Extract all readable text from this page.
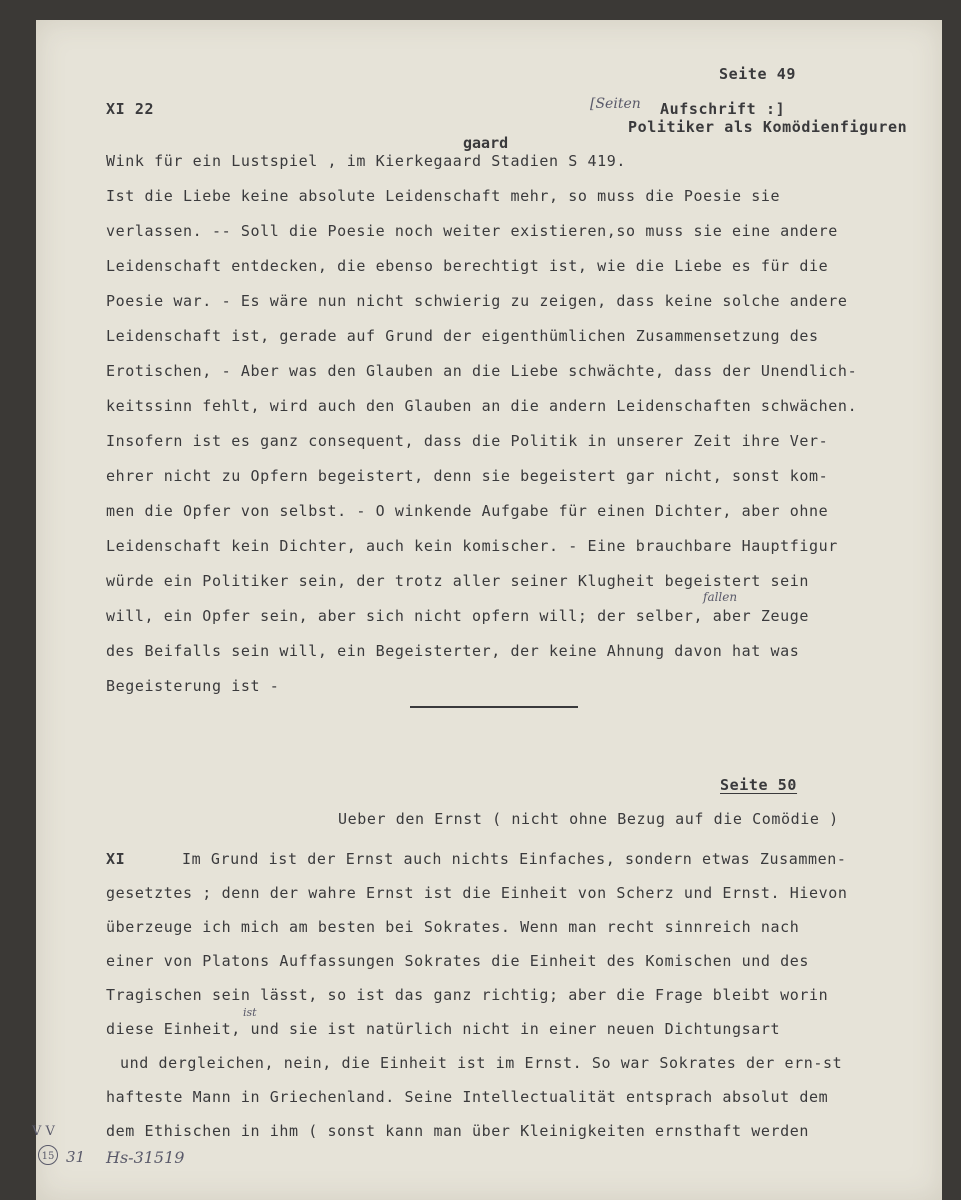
Seite 49
XI 22	[Seiten Aufschrift :]
Politiker als Komödienfiguren
gaard
Wink für ein Lustspiel , im Kierkegaard Stadien S 419.
Ist die Liebe keine absolute Leidenschaft mehr, so muss die Poesie sie
verlassen. -- Soll die Poesie noch weiter existieren,so muss sie eine andere
Leidenschaft entdecken, die ebenso berechtigt ist, wie die Liebe es für die
Poesie war. - Es wäre nun nicht schwierig zu zeigen, dass keine solche andere
Leidenschaft ist, gerade auf Grund der eigenthümlichen Zusammensetzung des
Erotischen, - Aber was den Glauben an die Liebe schwächte, dass der Unendlich-
keitssinn fehlt, wird auch den Glauben an die andern Leidenschaften schwächen.
Insofern ist es ganz consequent, dass die Politik in unserer Zeit ihre Ver-
ehrer nicht zu Opfern begeistert, denn sie begeistert gar nicht, sonst kom-
men die Opfer von selbst. - O winkende Aufgabe für einen Dichter, aber ohne
Leidenschaft kein Dichter, auch kein komischer. - Eine brauchbare Hauptfigur
würde ein Politiker sein, der trotz aller seiner Klugheit begeistert sein
will, ein Opfer sein, aber sich nicht opfern will; der selber, aber Zeuge
des Beifalls sein will, ein Begeisterter, der keine Ahnung davon hat was
Begeisterung ist -
fallen
Seite 50
Ueber den Ernst ( nicht ohne Bezug auf die Comödie )
XI	Im Grund ist der Ernst auch nichts Einfaches, sondern etwas Zusammen-
gesetztes ; denn der wahre Ernst ist die Einheit von Scherz und Ernst. Hievon
überzeuge ich mich am besten bei Sokrates. Wenn man recht sinnreich nach
einer von Platons Auffassungen Sokrates die Einheit des Komischen und des
Tragischen sein lässt, so ist das ganz richtig; aber die Frage bleibt worin
diese Einheit, und sie ist natürlich nicht in einer neuen Dichtungsart
und dergleichen, nein, die Einheit ist im Ernst. So war Sokrates der ern-st
hafteste Mann in Griechenland. Seine Intellectualität entsprach absolut dem
dem Ethischen in ihm ( sonst kann man über Kleinigkeiten ernsthaft werden
ist
V V
15 31 Hs-31519
